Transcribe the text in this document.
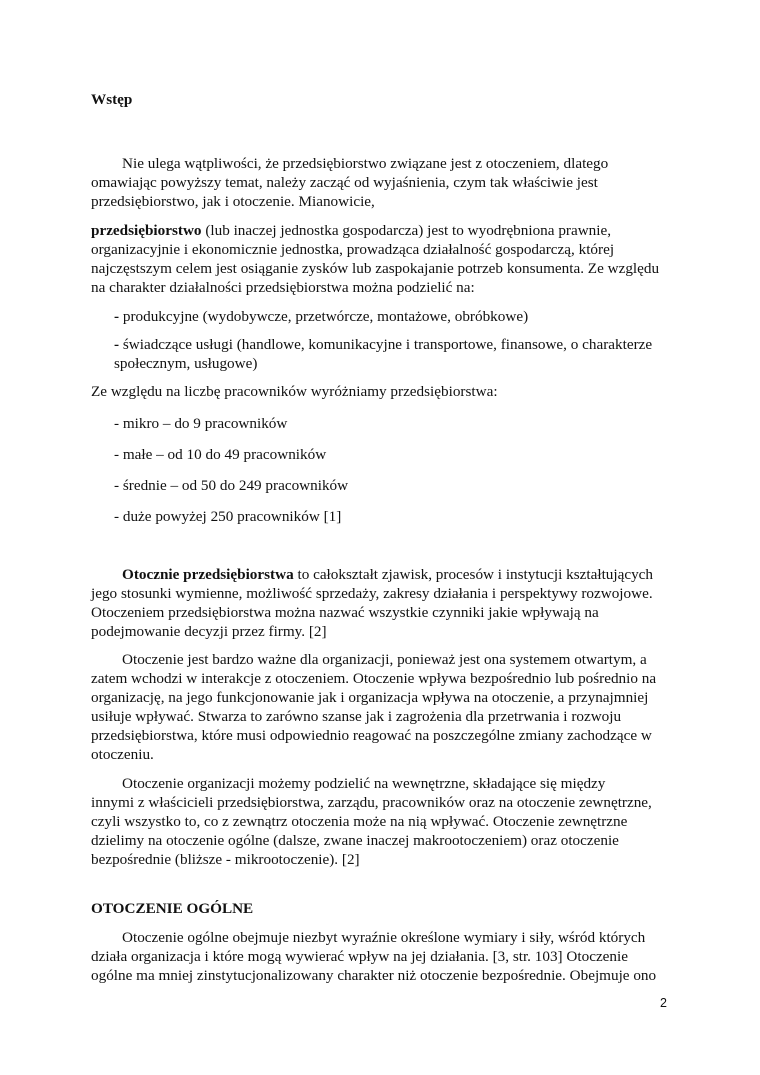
Wstęp

Nie ulega wątpliwości, że przedsiębiorstwo związane jest z otoczeniem, dlatego

omawiając powyższy temat, należy zacząć od wyjaśnienia, czym tak właściwie jest

przedsiębiorstwo, jak i otoczenie. Mianowicie,

przedsiębiorstwo (lub inaczej jednostka gospodarcza) jest to wyodrębniona prawnie,

organizacyjnie i ekonomicznie jednostka, prowadząca działalność gospodarczą, której

najczęstszym celem jest osiąganie zysków lub zaspokajanie potrzeb konsumenta. Ze względu

na charakter działalności przedsiębiorstwa można podzielić na:

- produkcyjne (wydobywcze, przetwórcze, montażowe, obróbkowe)

- świadczące usługi (handlowe, komunikacyjne i transportowe, finansowe, o charakterze

społecznym, usługowe)

Ze względu na liczbę pracowników wyróżniamy przedsiębiorstwa:

- mikro – do 9 pracowników

- małe – od 10 do 49 pracowników

- średnie – od 50 do 249 pracowników

- duże powyżej 250 pracowników [1]

Otocznie przedsiębiorstwa to całokształt zjawisk, procesów i instytucji kształtujących

jego stosunki wymienne, możliwość sprzedaży, zakresy działania i perspektywy rozwojowe.

Otoczeniem przedsiębiorstwa można nazwać wszystkie czynniki jakie wpływają na

podejmowanie decyzji przez firmy. [2]

Otoczenie jest bardzo ważne dla organizacji, ponieważ jest ona systemem otwartym, a

zatem wchodzi w interakcje z otoczeniem. Otoczenie wpływa bezpośrednio lub pośrednio na

organizację, na jego funkcjonowanie jak i organizacja wpływa na otoczenie, a przynajmniej

usiłuje wpływać. Stwarza to zarówno szanse jak i zagrożenia dla przetrwania i rozwoju

przedsiębiorstwa, które musi odpowiednio reagować na poszczególne zmiany zachodzące w

otoczeniu.

Otoczenie organizacji możemy podzielić na wewnętrzne, składające się między

innymi z właścicieli przedsiębiorstwa, zarządu, pracowników oraz na otoczenie zewnętrzne,

czyli wszystko to, co z zewnątrz otoczenia może na nią wpływać. Otoczenie zewnętrzne

dzielimy na otoczenie ogólne (dalsze, zwane inaczej makrootoczeniem) oraz otoczenie

bezpośrednie (bliższe - mikrootoczenie). [2]

OTOCZENIE OGÓLNE

Otoczenie ogólne obejmuje niezbyt wyraźnie określone wymiary i siły, wśród których

działa organizacja i które mogą wywierać wpływ na jej działania. [3, str. 103] Otoczenie

ogólne ma mniej zinstytucjonalizowany charakter niż otoczenie bezpośrednie. Obejmuje ono

2
